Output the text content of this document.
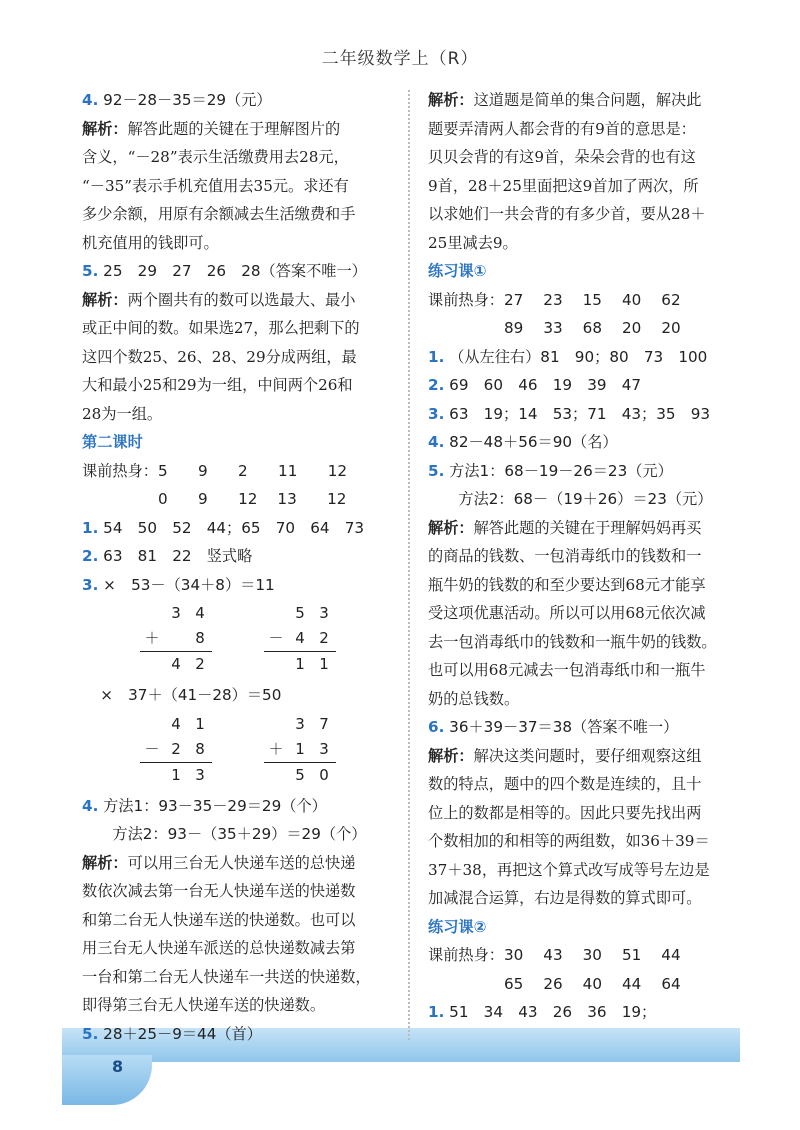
8
二年级数学上（R）
4. 92－28－35＝29（元）
解析：解答此题的关键在于理解图片的
含义，“－28”表示生活缴费用去28元，
“－35”表示手机充值用去35元。求还有
多少余额，用原有余额减去生活缴费和手
机充值用的钱即可。
5. 25　29　27　26　28（答案不唯一）
解析：两个圈共有的数可以选最大、最小
或正中间的数。如果选27，那么把剩下的
这四个数25、26、28、29分成两组，最
大和最小25和29为一组，中间两个26和
28为一组。
第二课时
课前热身：5　　9　　2　　11　　12
0　　9　　12　 13　　12
1. 54　50　52　44；65　70　64　73
2. 63　81　22　竖式略
3. ×　53－（34＋8）＝11
	3	4
＋		8

	4	2
	5	3
－	4	2

	1	1
×　37＋（41－28）＝50
	4	1
－	2	8

	1	3
	3	7
＋	1	3

	5	0
4. 方法1：93－35－29＝29（个）
方法2：93－（35＋29）＝29（个）
解析：可以用三台无人快递车送的总快递
数依次减去第一台无人快递车送的快递数
和第二台无人快递车送的快递数。也可以
用三台无人快递车派送的总快递数减去第
一台和第二台无人快递车一共送的快递数，
即得第三台无人快递车送的快递数。
5. 28＋25－9＝44（首）
解析：这道题是简单的集合问题，解决此
题要弄清两人都会背的有9首的意思是：
贝贝会背的有这9首，朵朵会背的也有这
9首，28＋25里面把这9首加了两次，所
以求她们一共会背的有多少首，要从28＋
25里减去9。
练习课①
课前热身：27　 23　 15　 40　 62
89　 33　 68　 20　 20
1. （从左往右）81　90；80　73　100
2. 69　60　46　19　39　47
3. 63　19；14　53；71　43；35　93
4. 82－48＋56＝90（名）
5. 方法1：68－19－26＝23（元）
方法2：68－（19＋26）＝23（元）
解析：解答此题的关键在于理解妈妈再买
的商品的钱数、一包消毒纸巾的钱数和一
瓶牛奶的钱数的和至少要达到68元才能享
受这项优惠活动。所以可以用68元依次减
去一包消毒纸巾的钱数和一瓶牛奶的钱数。
也可以用68元减去一包消毒纸巾和一瓶牛
奶的总钱数。
6. 36＋39－37＝38（答案不唯一）
解析：解决这类问题时，要仔细观察这组
数的特点，题中的四个数是连续的，且十
位上的数都是相等的。因此只要先找出两
个数相加的和相等的两组数，如36＋39＝
37＋38，再把这个算式改写成等号左边是
加减混合运算，右边是得数的算式即可。
练习课②
课前热身：30　 43　 30　 51　 44
65　 26　 40　 44　 64
1. 51　34　43　26　36　19；
